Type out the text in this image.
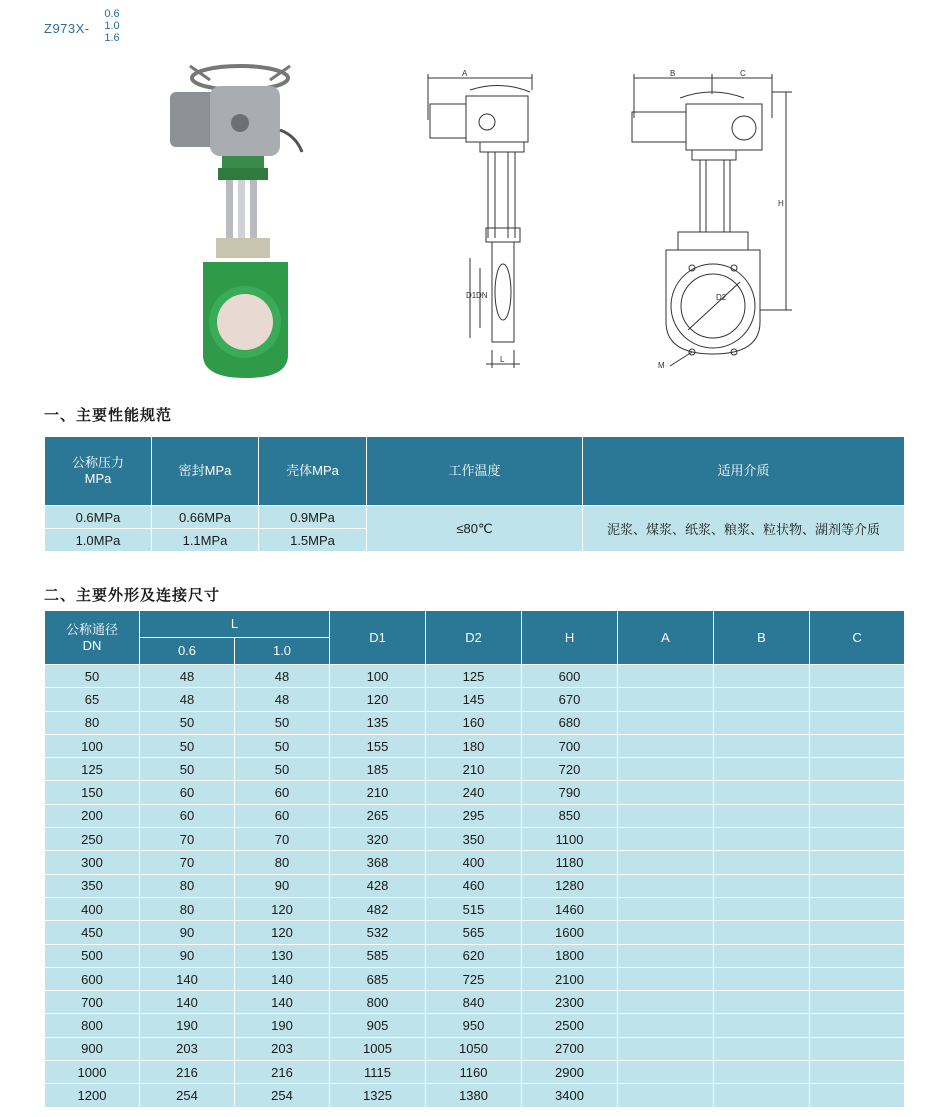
Z973X-
0.6
1.0
1.6
A
D1 DN
L
B	C
H
D2
M
一、主要性能规范
公称压力
MPa	密封MPa	壳体MPa	工作温度	适用介质
0.6MPa	0.66MPa	0.9MPa	≤80℃	泥浆、煤浆、纸浆、粮浆、粒状物、湖剂等介质
1.0MPa	1.1MPa	1.5MPa		
二、主要外形及连接尺寸
公称通径
DN	L		D1	D2	H	A	B	C
	0.6	1.0						
50	48	48	100	125	600			
65	48	48	120	145	670			
80	50	50	135	160	680			
100	50	50	155	180	700			
125	50	50	185	210	720			
150	60	60	210	240	790			
200	60	60	265	295	850			
250	70	70	320	350	1100			
300	70	80	368	400	1180			
350	80	90	428	460	1280			
400	80	120	482	515	1460			
450	90	120	532	565	1600			
500	90	130	585	620	1800			
600	140	140	685	725	2100			
700	140	140	800	840	2300			
800	190	190	905	950	2500			
900	203	203	1005	1050	2700			
1000	216	216	1115	1160	2900			
1200	254	254	1325	1380	3400			
